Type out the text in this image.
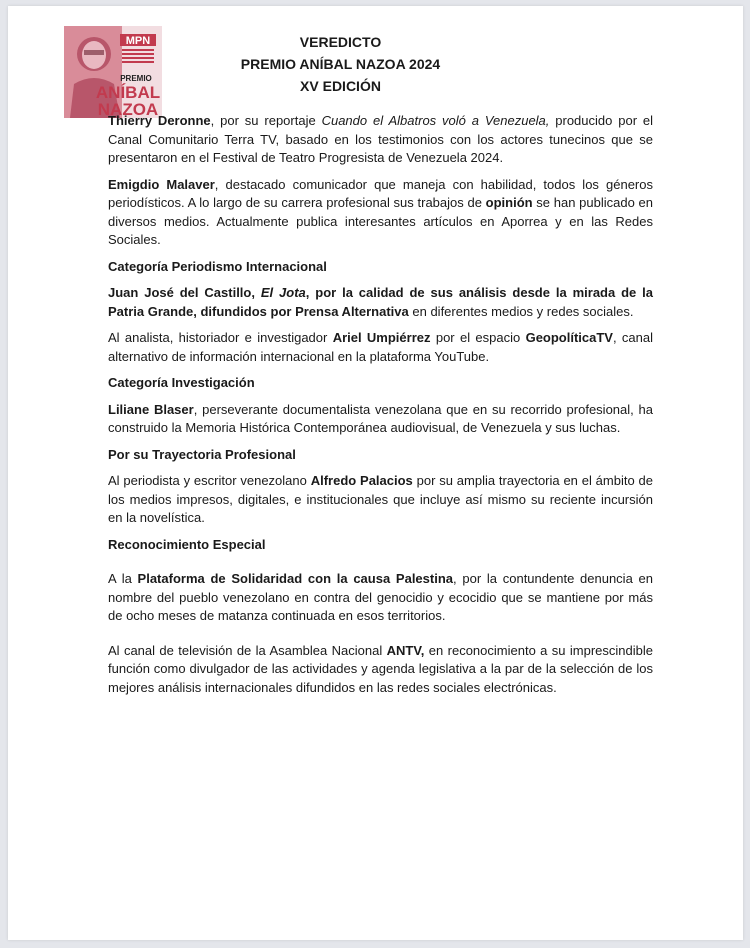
MPN
PREMIO
ANÍBAL
NAZOA
VEREDICTO
PREMIO ANÍBAL NAZOA 2024
XV EDICIÓN

Thierry Deronne, por su reportaje Cuando el Albatros voló a Venezuela, producido por el Canal Comunitario Terra TV, basado en los testimonios con los actores tunecinos que se presentaron en el Festival de Teatro Progresista de Venezuela 2024.

Emigdio Malaver, destacado comunicador que maneja con habilidad, todos los géneros periodísticos. A lo largo de su carrera profesional sus trabajos de opinión se han publicado en diversos medios. Actualmente publica interesantes artículos en Aporrea y en las Redes Sociales.

Categoría Periodismo Internacional

Juan José del Castillo, El Jota, por la calidad de sus análisis desde la mirada de la Patria Grande, difundidos por Prensa Alternativa en diferentes medios y redes sociales.

Al analista, historiador e investigador Ariel Umpiérrez por el espacio GeopolíticaTV, canal alternativo de información internacional en la plataforma YouTube.

Categoría Investigación

Liliane Blaser, perseverante documentalista venezolana que en su recorrido profesional, ha construido la Memoria Histórica Contemporánea audiovisual, de Venezuela y sus luchas.

Por su Trayectoria Profesional

Al periodista y escritor venezolano Alfredo Palacios por su amplia trayectoria en el ámbito de los medios impresos, digitales, e institucionales que incluye así mismo su reciente incursión en la novelística.

Reconocimiento Especial

A la Plataforma de Solidaridad con la causa Palestina, por la contundente denuncia en nombre del pueblo venezolano en contra del genocidio y ecocidio que se mantiene por más de ocho meses de matanza continuada en esos territorios.

Al canal de televisión de la Asamblea Nacional ANTV, en reconocimiento a su imprescindible función como divulgador de las actividades y agenda legislativa a la par de la selección de los mejores análisis internacionales difundidos en las redes sociales electrónicas.
